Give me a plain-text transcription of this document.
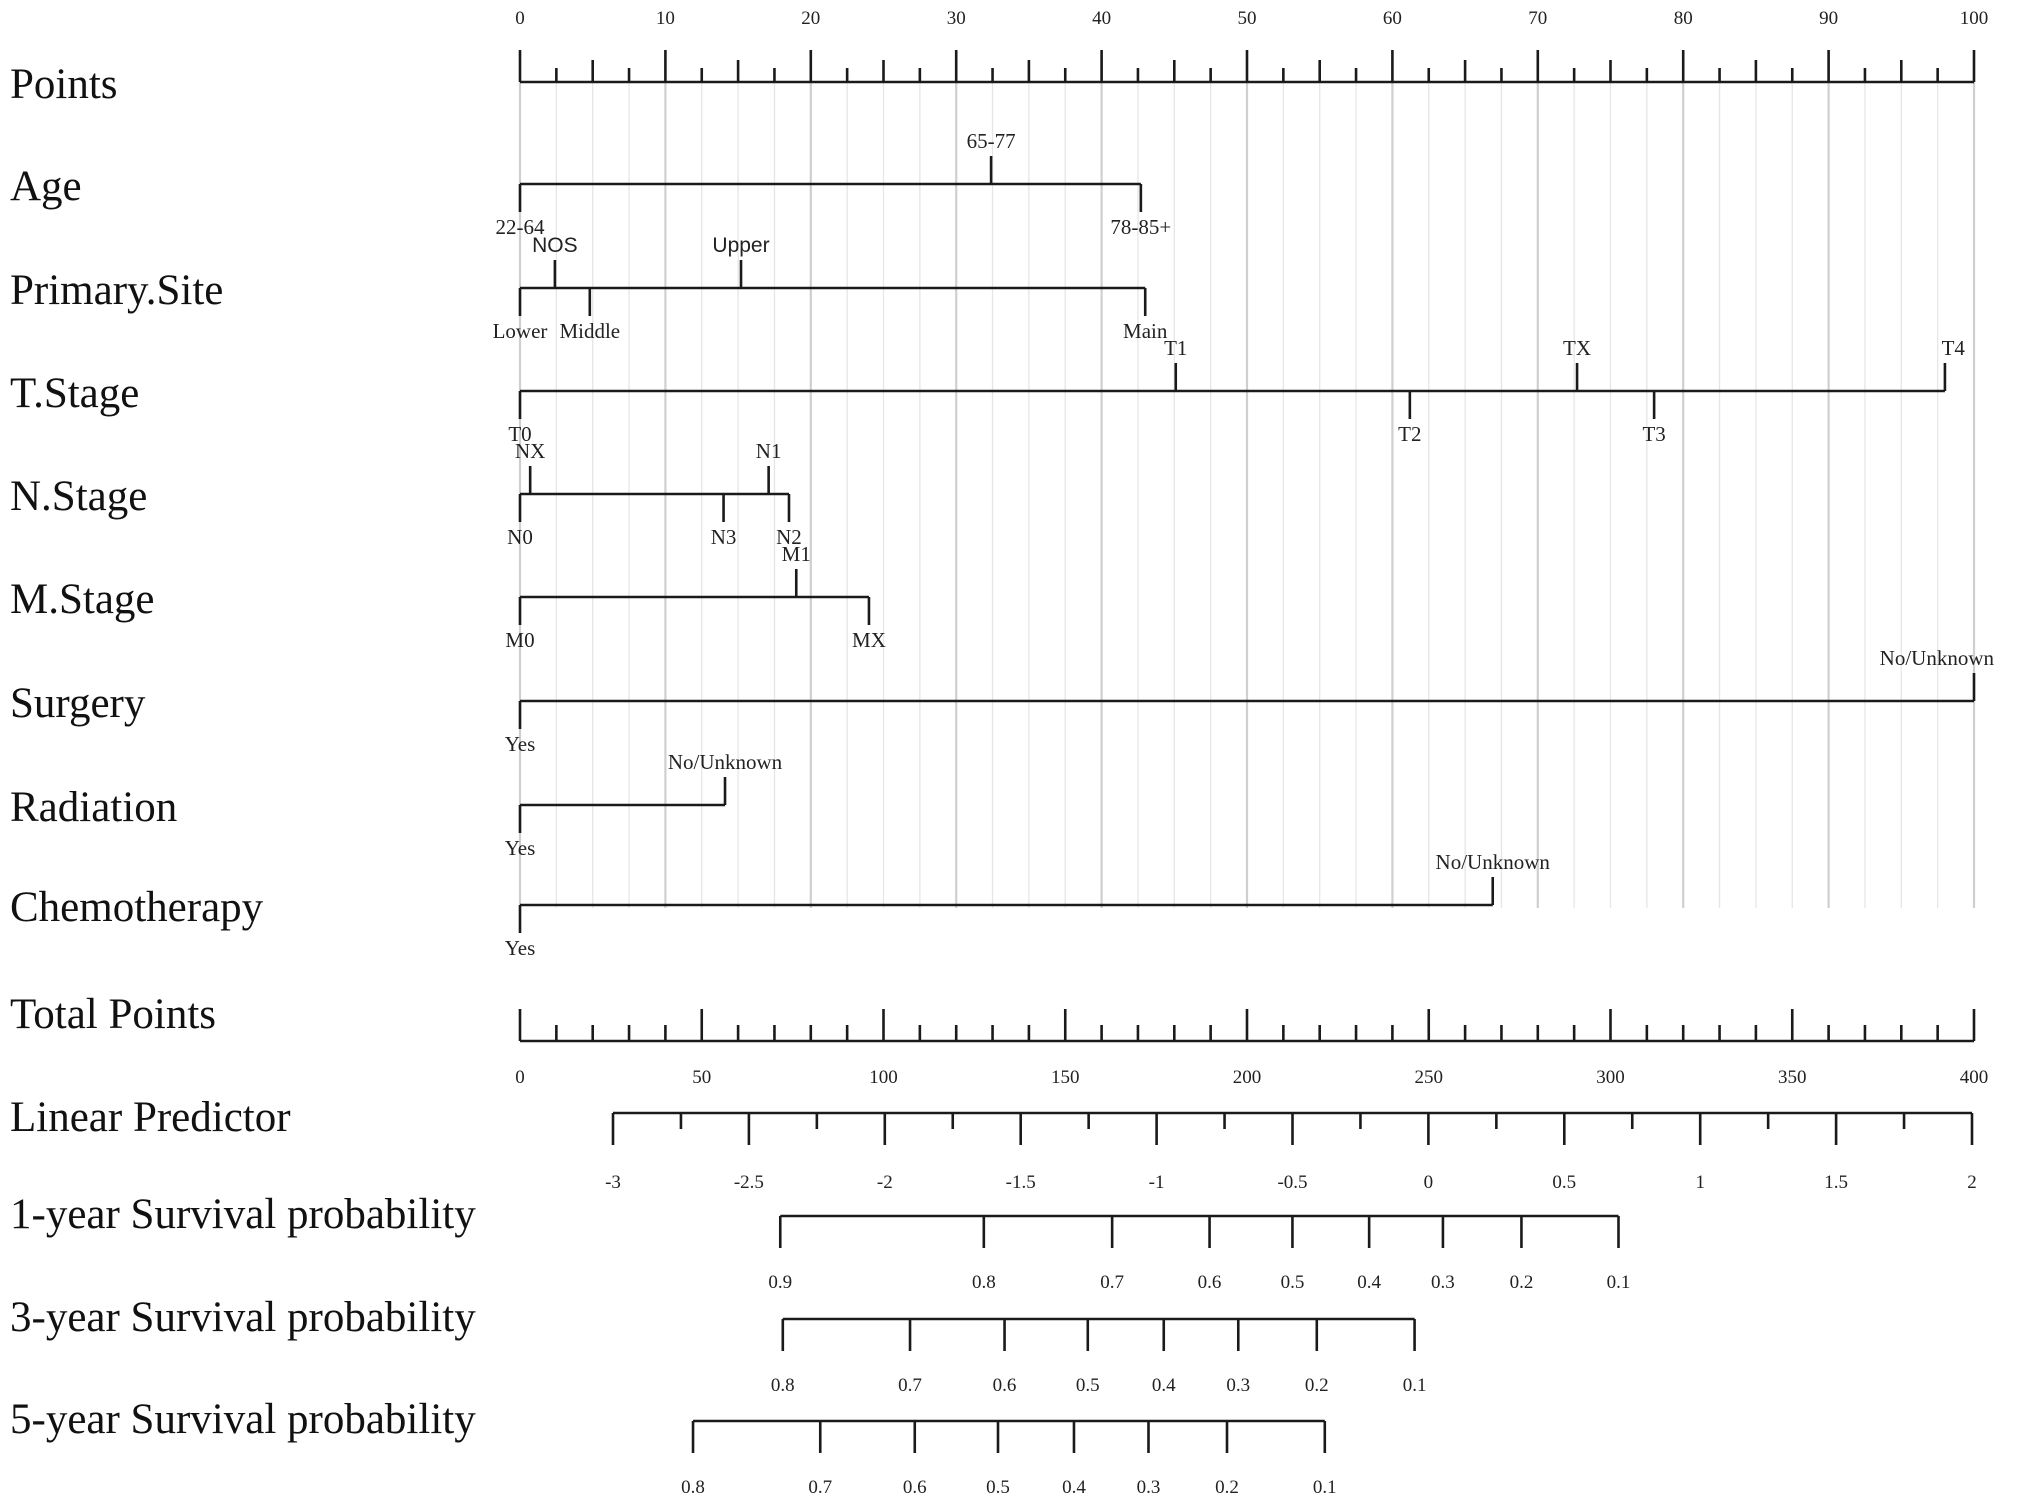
Points
0	10	20	30	40	50	60	70	80	90	100
Age
22-64
65-77
78-85+
Primary.Site
Lower
NOS
Middle
Upper
Main
T.Stage
T0
T1
T2
TX
T3
T4
N.Stage
N0
NX
N3
N1
N2
M.Stage
M0
M1
MX
Surgery
Yes
No/Unknown
Radiation
Yes
No/Unknown
Chemotherapy
Yes
No/Unknown
Total Points
0	50	100	150	200	250	300	350	400
Linear Predictor
-3	-2.5	-2	-1.5	-1	-0.5	0	0.5	1	1.5	2
1-year Survival probability
0.9	0.8	0.7	0.6	0.5	0.4	0.3	0.2	0.1
3-year Survival probability
0.8	0.7	0.6	0.5	0.4	0.3	0.2	0.1
5-year Survival probability
0.8	0.7	0.6	0.5	0.4	0.3	0.2	0.1
